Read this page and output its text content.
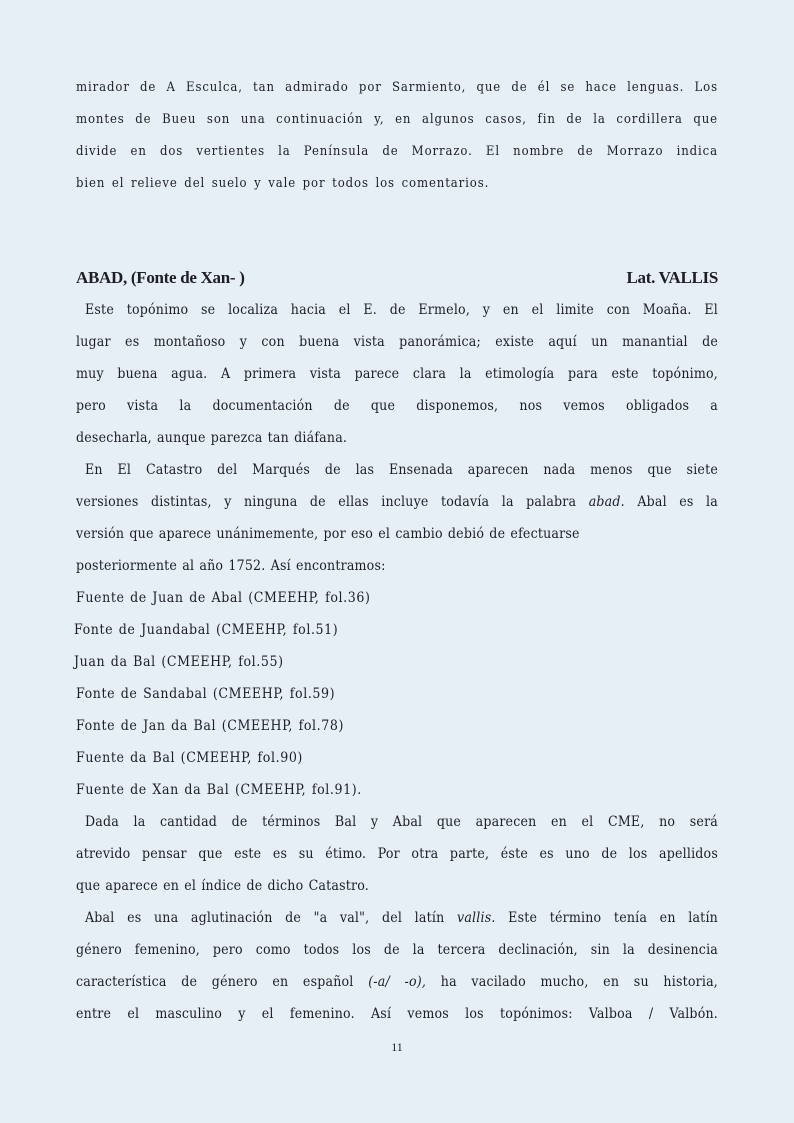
mirador de A Esculca, tan admirado por Sarmiento, que de él se hace lenguas. Los
montes de Bueu son una continuación y, en algunos casos, fin de la cordillera que
divide en dos vertientes la Península de Morrazo. El nombre de Morrazo indica
bien el relieve del suelo y vale por todos los comentarios.
ABAD, (Fonte de Xan- )	Lat. VALLIS
Este topónimo se localiza hacia el E. de Ermelo, y en el limite con Moaña. El
lugar es montañoso y con buena vista panorámica; existe aquí un manantial de
muy buena agua. A primera vista parece clara la etimología para este topónimo,
pero vista la documentación de que disponemos, nos vemos obligados a
desecharla, aunque parezca tan diáfana.
En El Catastro del Marqués de las Ensenada aparecen nada menos que siete
versiones distintas, y ninguna de ellas incluye todavía la palabra abad. Abal es la
versión que aparece unánimemente, por eso el cambio debió de efectuarse
posteriormente al año 1752. Así encontramos:
Fuente de Juan de Abal (CMEEHP, fol.36)
Fonte de Juandabal (CMEEHP, fol.51)
Juan da Bal (CMEEHP, fol.55)
Fonte de Sandabal (CMEEHP, fol.59)
Fonte de Jan da Bal (CMEEHP, fol.78)
Fuente da Bal (CMEEHP, fol.90)
Fuente de Xan da Bal (CMEEHP, fol.91).
Dada la cantidad de términos Bal y Abal que aparecen en el CME, no será
atrevido pensar que este es su étimo. Por otra parte, éste es uno de los apellidos
que aparece en el índice de dicho Catastro.
Abal es una aglutinación de "a val", del latín vallis. Este término tenía en latín
género femenino, pero como todos los de la tercera declinación, sin la desinencia
característica de género en español (-a/ -o), ha vacilado mucho, en su historia,
entre el masculino y el femenino. Así vemos los topónimos: Valboa / Valbón.
11
